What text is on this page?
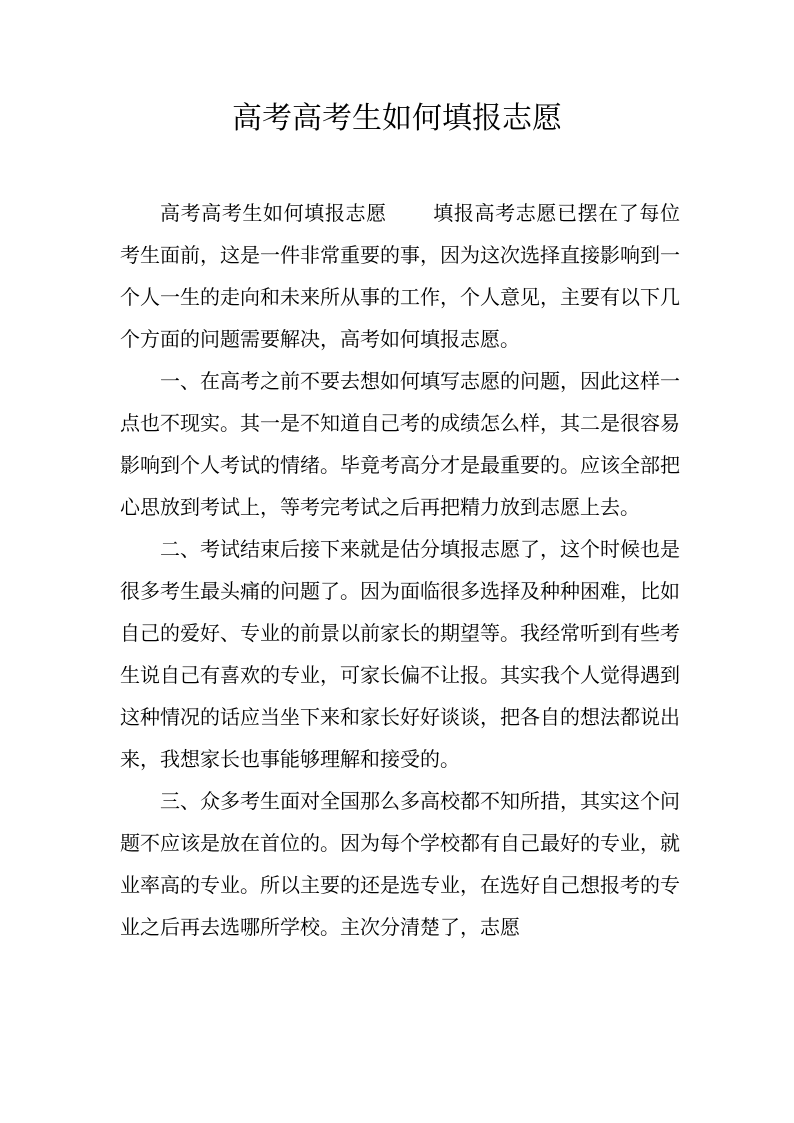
高考高考生如何填报志愿

高考高考生如何填报志愿 填报高考志愿已摆在了每位考生面前，这是一件非常重要的事，因为这次选择直接影响到一个人一生的走向和未来所从事的工作，个人意见，主要有以下几个方面的问题需要解决，高考如何填报志愿。

一、在高考之前不要去想如何填写志愿的问题，因此这样一点也不现实。其一是不知道自己考的成绩怎么样，其二是很容易影响到个人考试的情绪。毕竟考高分才是最重要的。应该全部把心思放到考试上，等考完考试之后再把精力放到志愿上去。

二、考试结束后接下来就是估分填报志愿了，这个时候也是很多考生最头痛的问题了。因为面临很多选择及种种困难，比如自己的爱好、专业的前景以前家长的期望等。我经常听到有些考生说自己有喜欢的专业，可家长偏不让报。其实我个人觉得遇到这种情况的话应当坐下来和家长好好谈谈，把各自的想法都说出来，我想家长也事能够理解和接受的。

三、众多考生面对全国那么多高校都不知所措，其实这个问题不应该是放在首位的。因为每个学校都有自己最好的专业，就业率高的专业。所以主要的还是选专业，在选好自己想报考的专业之后再去选哪所学校。主次分清楚了，志愿
